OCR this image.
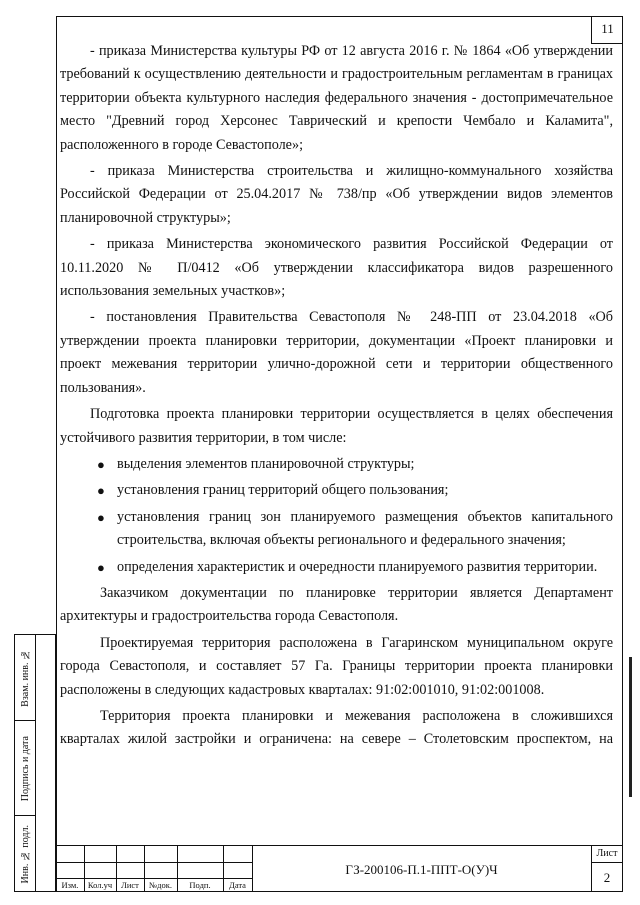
11

- приказа Министерства культуры РФ от 12 августа 2016 г. № 1864 «Об утверждении требований к осуществлению деятельности и градостроительным регламентам в границах территории объекта культурного наследия федерального значения - достопримечательное место "Древний город Херсонес Таврический и крепости Чембало и Каламита", расположенного в городе Севастополе»;

- приказа Министерства строительства и жилищно-коммунального хозяйства Российской Федерации от 25.04.2017 № 738/пр «Об утверждении видов элементов планировочной структуры»;

- приказа Министерства экономического развития Российской Федерации от 10.11.2020 № П/0412 «Об утверждении классификатора видов разрешенного использования земельных участков»;

- постановления Правительства Севастополя № 248-ПП от 23.04.2018 «Об утверждении проекта планировки территории, документации «Проект планировки и проект межевания территории улично-дорожной сети и территории общественного пользования».

Подготовка проекта планировки территории осуществляется в целях обеспечения устойчивого развития территории, в том числе:

● выделения элементов планировочной структуры;
● установления границ территорий общего пользования;
● установления границ зон планируемого размещения объектов капитального строительства, включая объекты регионального и федерального значения;
● определения характеристик и очередности планируемого развития территории.

Заказчиком документации по планировке территории является Департамент архитектуры и градостроительства города Севастополя.

Проектируемая территория расположена в Гагаринском муниципальном округе города Севастополя, и составляет 57 Га. Границы территории проекта планировки расположены в следующих кадастровых кварталах: 91:02:001010, 91:02:001008.

Территория проекта планировки и межевания расположена в сложившихся кварталах жилой застройки и ограничена: на севере – Столетовским проспектом, на

Взам. инв. №
Подпись и дата
Инв. № подл.
Изм.	Кол.уч	Лист	№док.	Подп.	Дата
ГЗ-200106-П.1-ППТ-О(У)Ч
Лист
2
